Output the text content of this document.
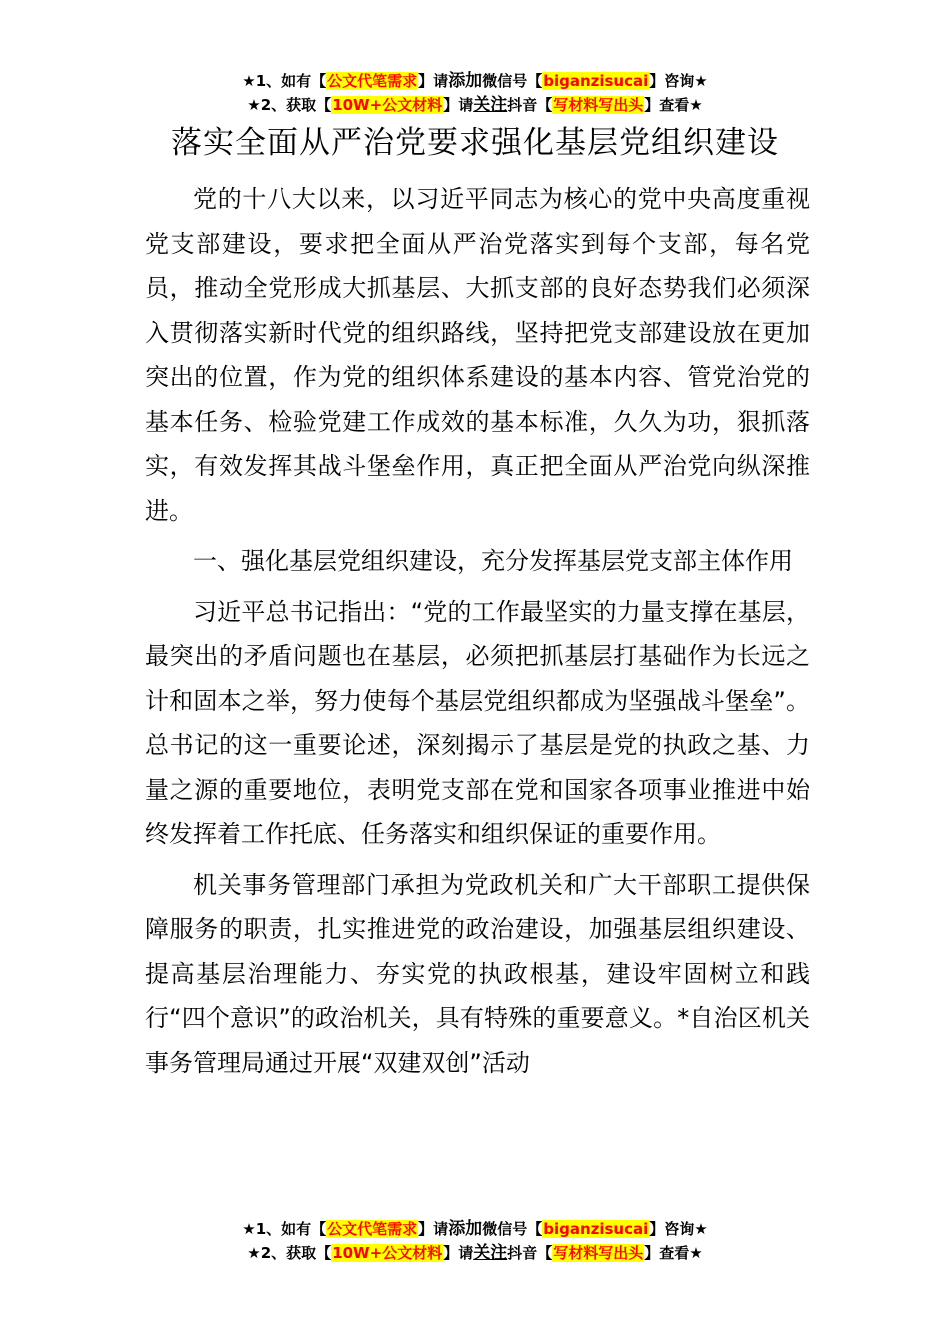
★1、如有【公文代笔需求】请添加微信号【biganzisucai】咨询★
★2、获取【10W+公文材料】请关注抖音【写材料写出头】查看★
落实全面从严治党要求强化基层党组织建设

党的十八大以来，以习近平同志为核心的党中央高度重视党支部建设，要求把全面从严治党落实到每个支部，每名党员，推动全党形成大抓基层、大抓支部的良好态势我们必须深入贯彻落实新时代党的组织路线，坚持把党支部建设放在更加突出的位置，作为党的组织体系建设的基本内容、管党治党的基本任务、检验党建工作成效的基本标准，久久为功，狠抓落实，有效发挥其战斗堡垒作用，真正把全面从严治党向纵深推进。

一、强化基层党组织建设，充分发挥基层党支部主体作用

习近平总书记指出：“党的工作最坚实的力量支撑在基层，最突出的矛盾问题也在基层，必须把抓基层打基础作为长远之计和固本之举，努力使每个基层党组织都成为坚强战斗堡垒”。总书记的这一重要论述，深刻揭示了基层是党的执政之基、力量之源的重要地位，表明党支部在党和国家各项事业推进中始终发挥着工作托底、任务落实和组织保证的重要作用。

机关事务管理部门承担为党政机关和广大干部职工提供保障服务的职责，扎实推进党的政治建设，加强基层组织建设、提高基层治理能力、夯实党的执政根基，建设牢固树立和践行“四个意识”的政治机关，具有特殊的重要意义。*自治区机关事务管理局通过开展“双建双创”活动

★1、如有【公文代笔需求】请添加微信号【biganzisucai】咨询★
★2、获取【10W+公文材料】请关注抖音【写材料写出头】查看★
